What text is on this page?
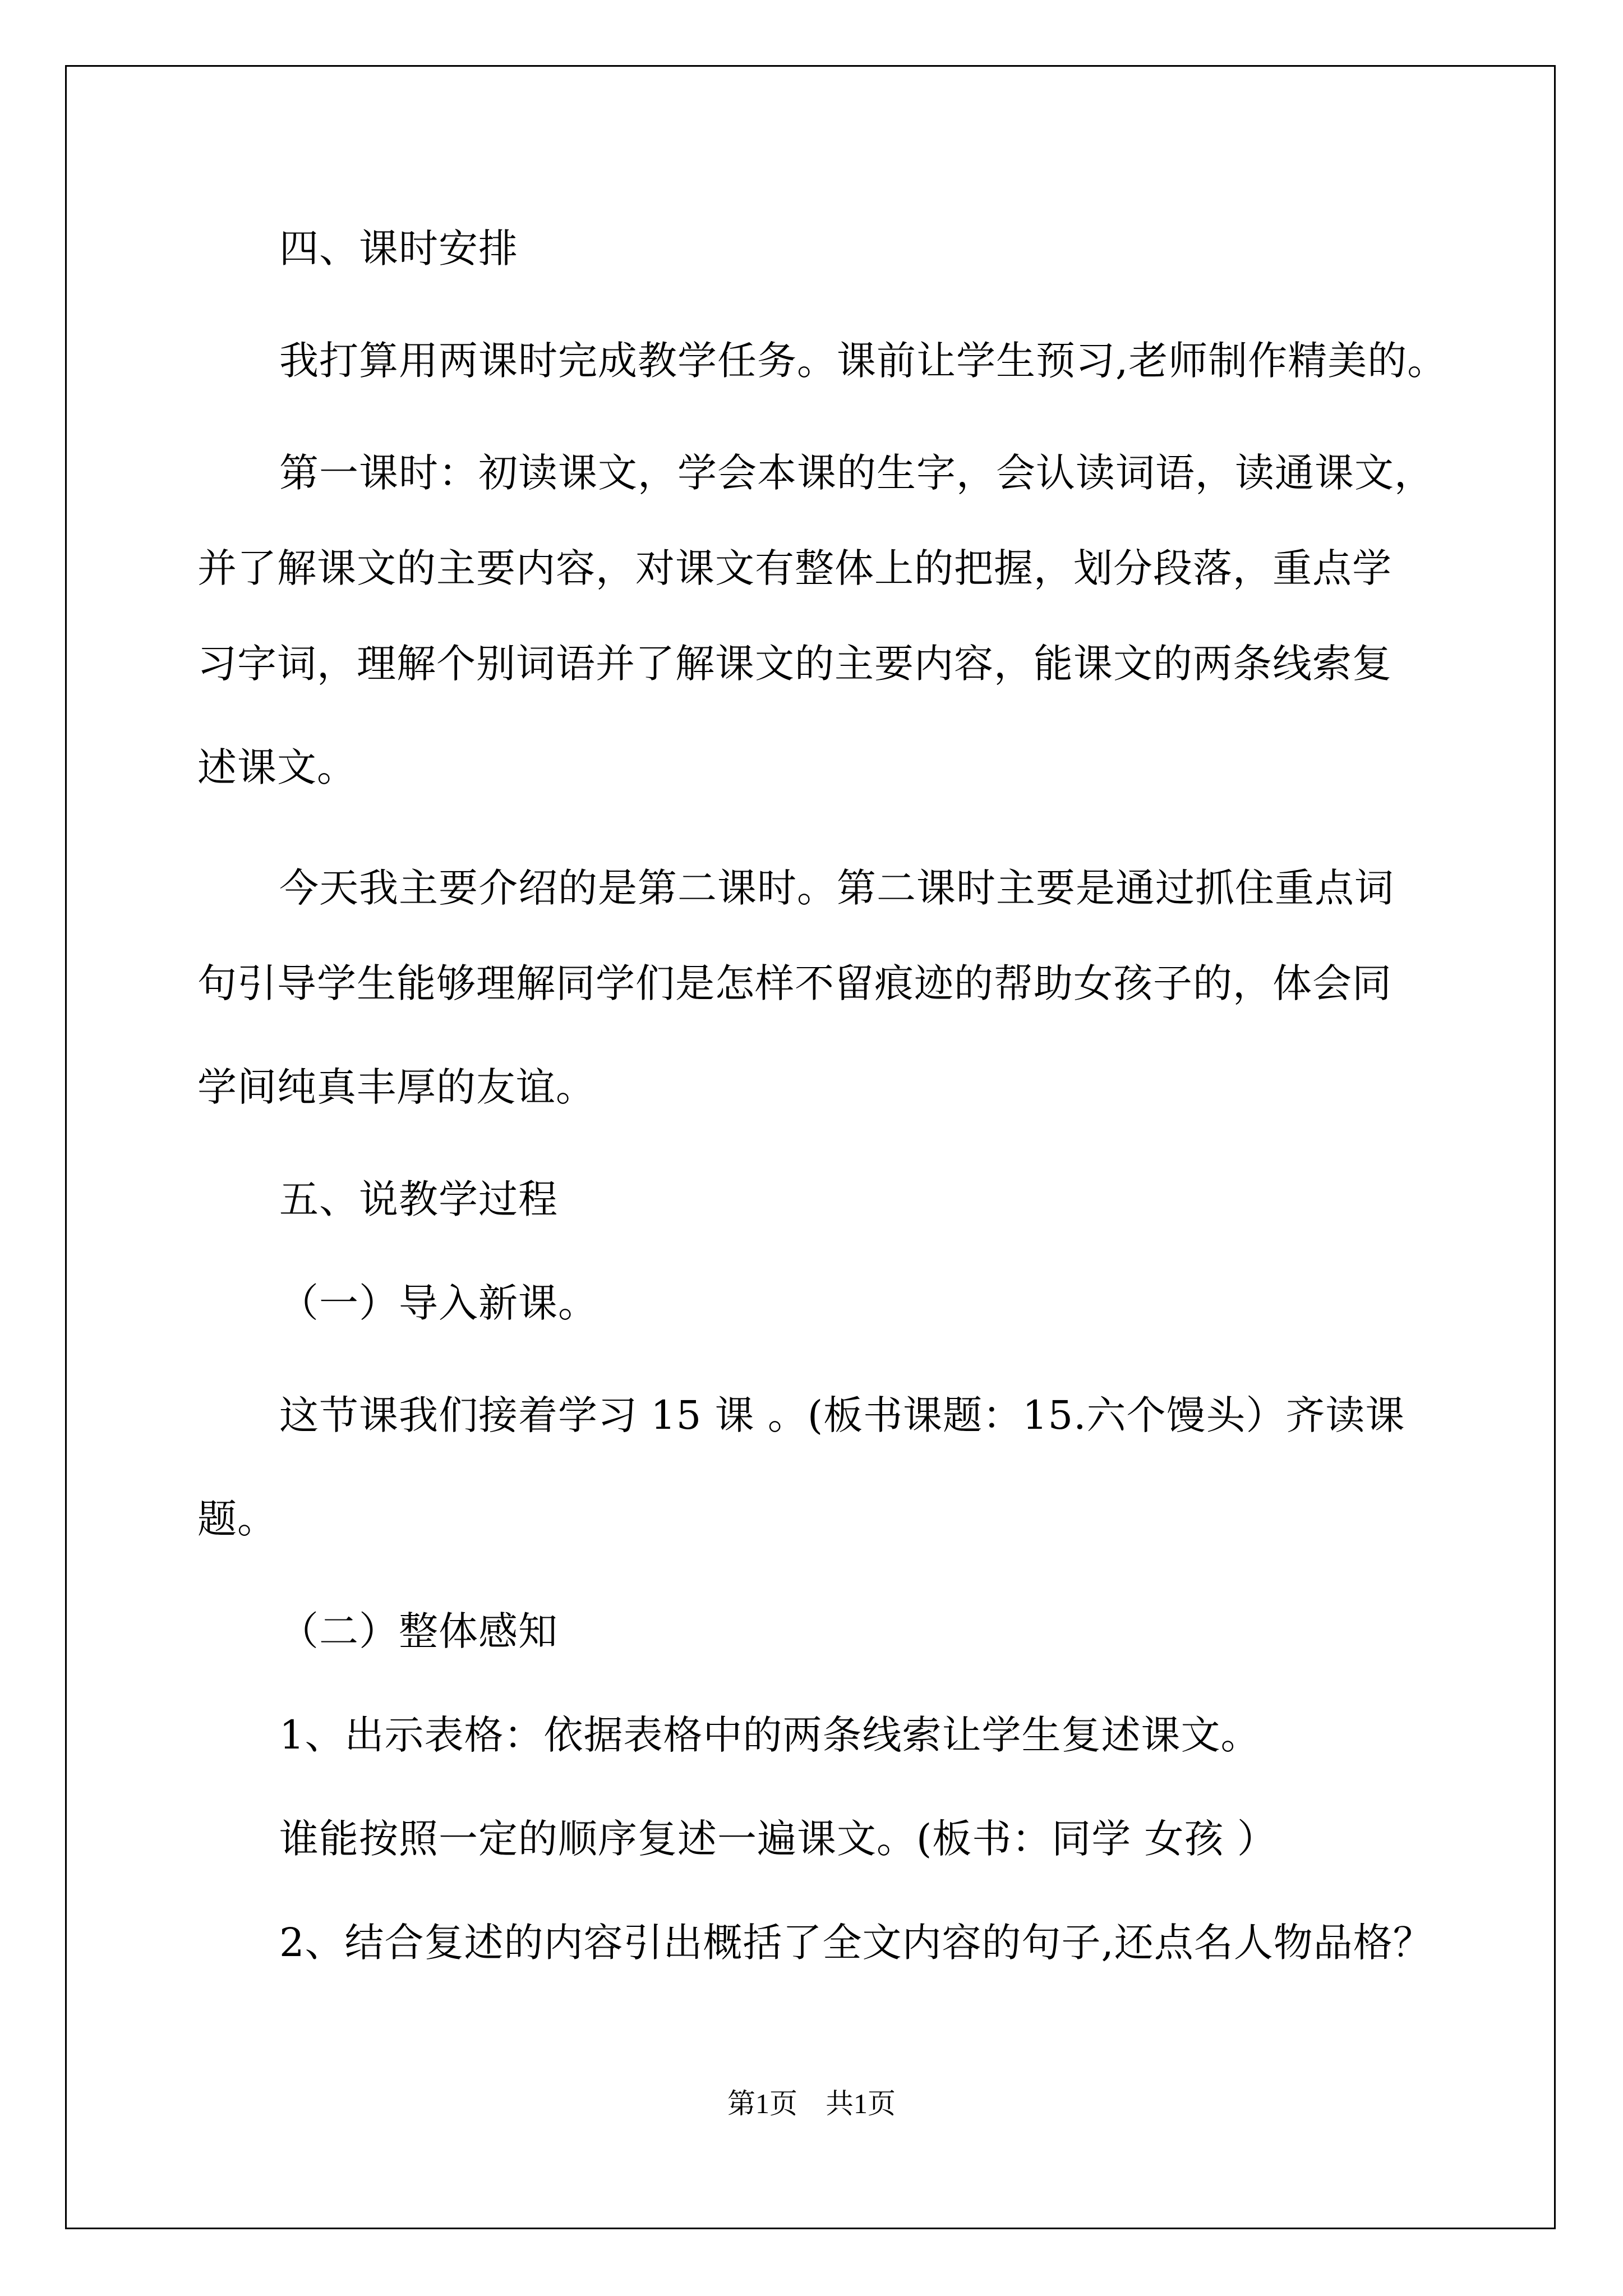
四、课时安排
我打算用两课时完成教学任务。课前让学生预习,老师制作精美的。
第一课时：初读课文，学会本课的生字，会认读词语，读通课文，
并了解课文的主要内容，对课文有整体上的把握，划分段落，重点学
习字词，理解个别词语并了解课文的主要内容，能课文的两条线索复
述课文。
今天我主要介绍的是第二课时。第二课时主要是通过抓住重点词
句引导学生能够理解同学们是怎样不留痕迹的帮助女孩子的，体会同
学间纯真丰厚的友谊。
五、说教学过程
（一）导入新课。
这节课我们接着学习 15 课 。(板书课题：15.六个馒头）齐读课
题。
（二）整体感知
1、出示表格：依据表格中的两条线索让学生复述课文。
谁能按照一定的顺序复述一遍课文。(板书：同学 女孩 ）
2、结合复述的内容引出概括了全文内容的句子,还点名人物品格？
第1页　共1页
